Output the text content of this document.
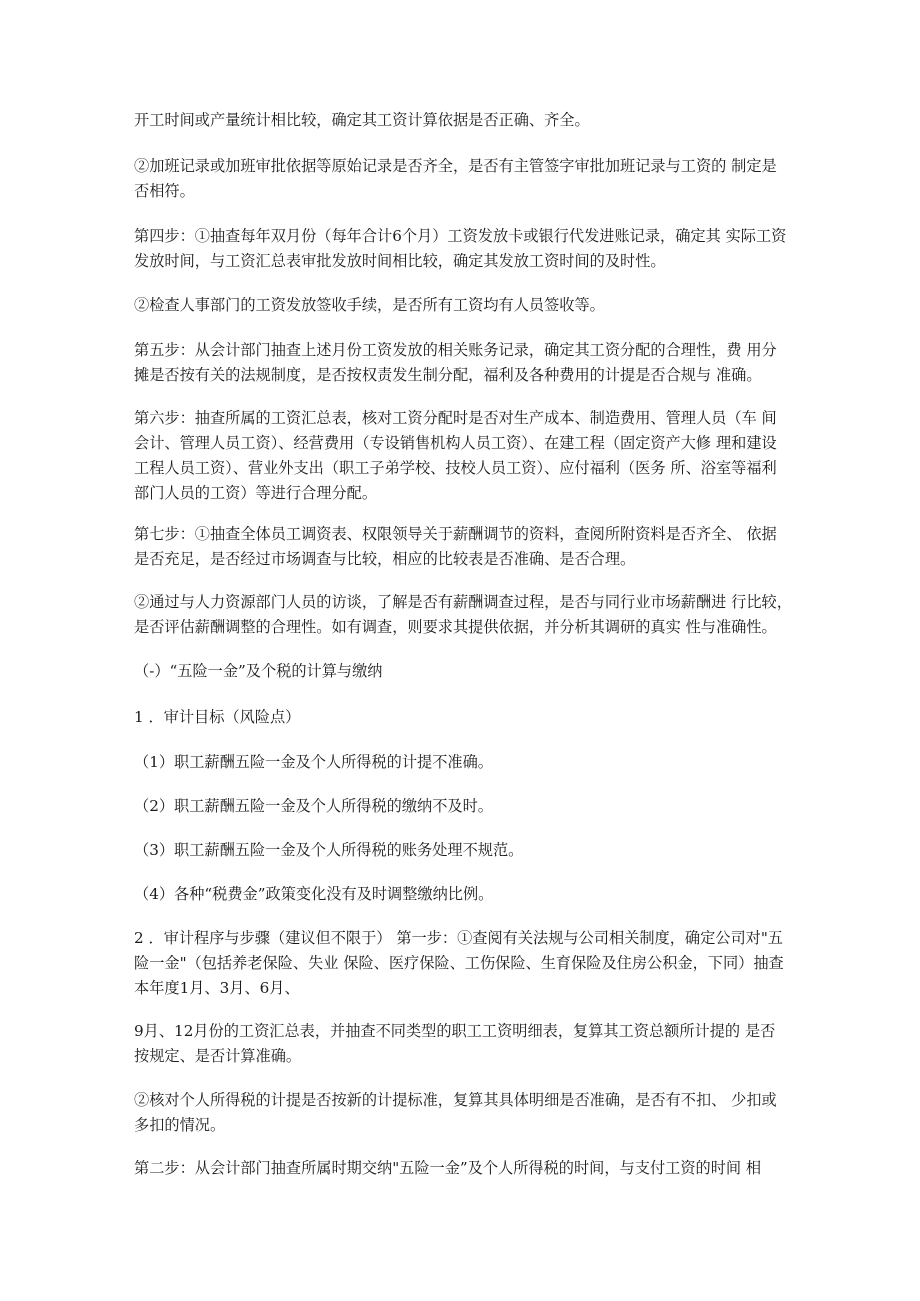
开工时间或产量统计相比较，确定其工资计算依据是否正确、齐全。

②加班记录或加班审批依据等原始记录是否齐全，是否有主管签字审批加班记录与工资的 制定是否相符。

第四步：①抽查每年双月份（每年合计6个月）工资发放卡或银行代发进账记录，确定其 实际工资发放时间，与工资汇总表审批发放时间相比较，确定其发放工资时间的及时性。

②检查人事部门的工资发放签收手续，是否所有工资均有人员签收等。

第五步：从会计部门抽查上述月份工资发放的相关账务记录，确定其工资分配的合理性，费 用分摊是否按有关的法规制度，是否按权责发生制分配，福利及各种费用的计提是否合规与 准确。

第六步：抽查所属的工资汇总表，核对工资分配时是否对生产成本、制造费用、管理人员（车 间会计、管理人员工资）、经营费用（专设销售机构人员工资）、在建工程（固定资产大修 理和建设工程人员工资）、营业外支出（职工子弟学校、技校人员工资）、应付福利（医务 所、浴室等福利部门人员的工资）等进行合理分配。

第七步：①抽查全体员工调资表、权限领导关于薪酬调节的资料，查阅所附资料是否齐全、 依据是否充足，是否经过市场调查与比较，相应的比较表是否准确、是否合理。

②通过与人力资源部门人员的访谈，了解是否有薪酬调查过程，是否与同行业市场薪酬进 行比较，是否评估薪酬调整的合理性。如有调查，则要求其提供依据，并分析其调研的真实 性与准确性。

（-）“五险一金”及个税的计算与缴纳

1 ．审计目标（风险点）

（1）职工薪酬五险一金及个人所得税的计提不准确。

（2）职工薪酬五险一金及个人所得税的缴纳不及时。

（3）职工薪酬五险一金及个人所得税的账务处理不规范。

（4）各种“税费金”政策变化没有及时调整缴纳比例。

2 ．审计程序与步骤（建议但不限于） 第一步：①查阅有关法规与公司相关制度，确定公司对"五险一金"（包括养老保险、失业 保险、医疗保险、工伤保险、生育保险及住房公积金，下同）抽查本年度1月、3月、6月、

9月、12月份的工资汇总表，并抽查不同类型的职工工资明细表，复算其工资总额所计提的 是否按规定、是否计算准确。

②核对个人所得税的计提是否按新的计提标准，复算其具体明细是否准确，是否有不扣、 少扣或多扣的情况。

第二步：从会计部门抽查所属时期交纳"五险一金”及个人所得税的时间，与支付工资的时间 相
